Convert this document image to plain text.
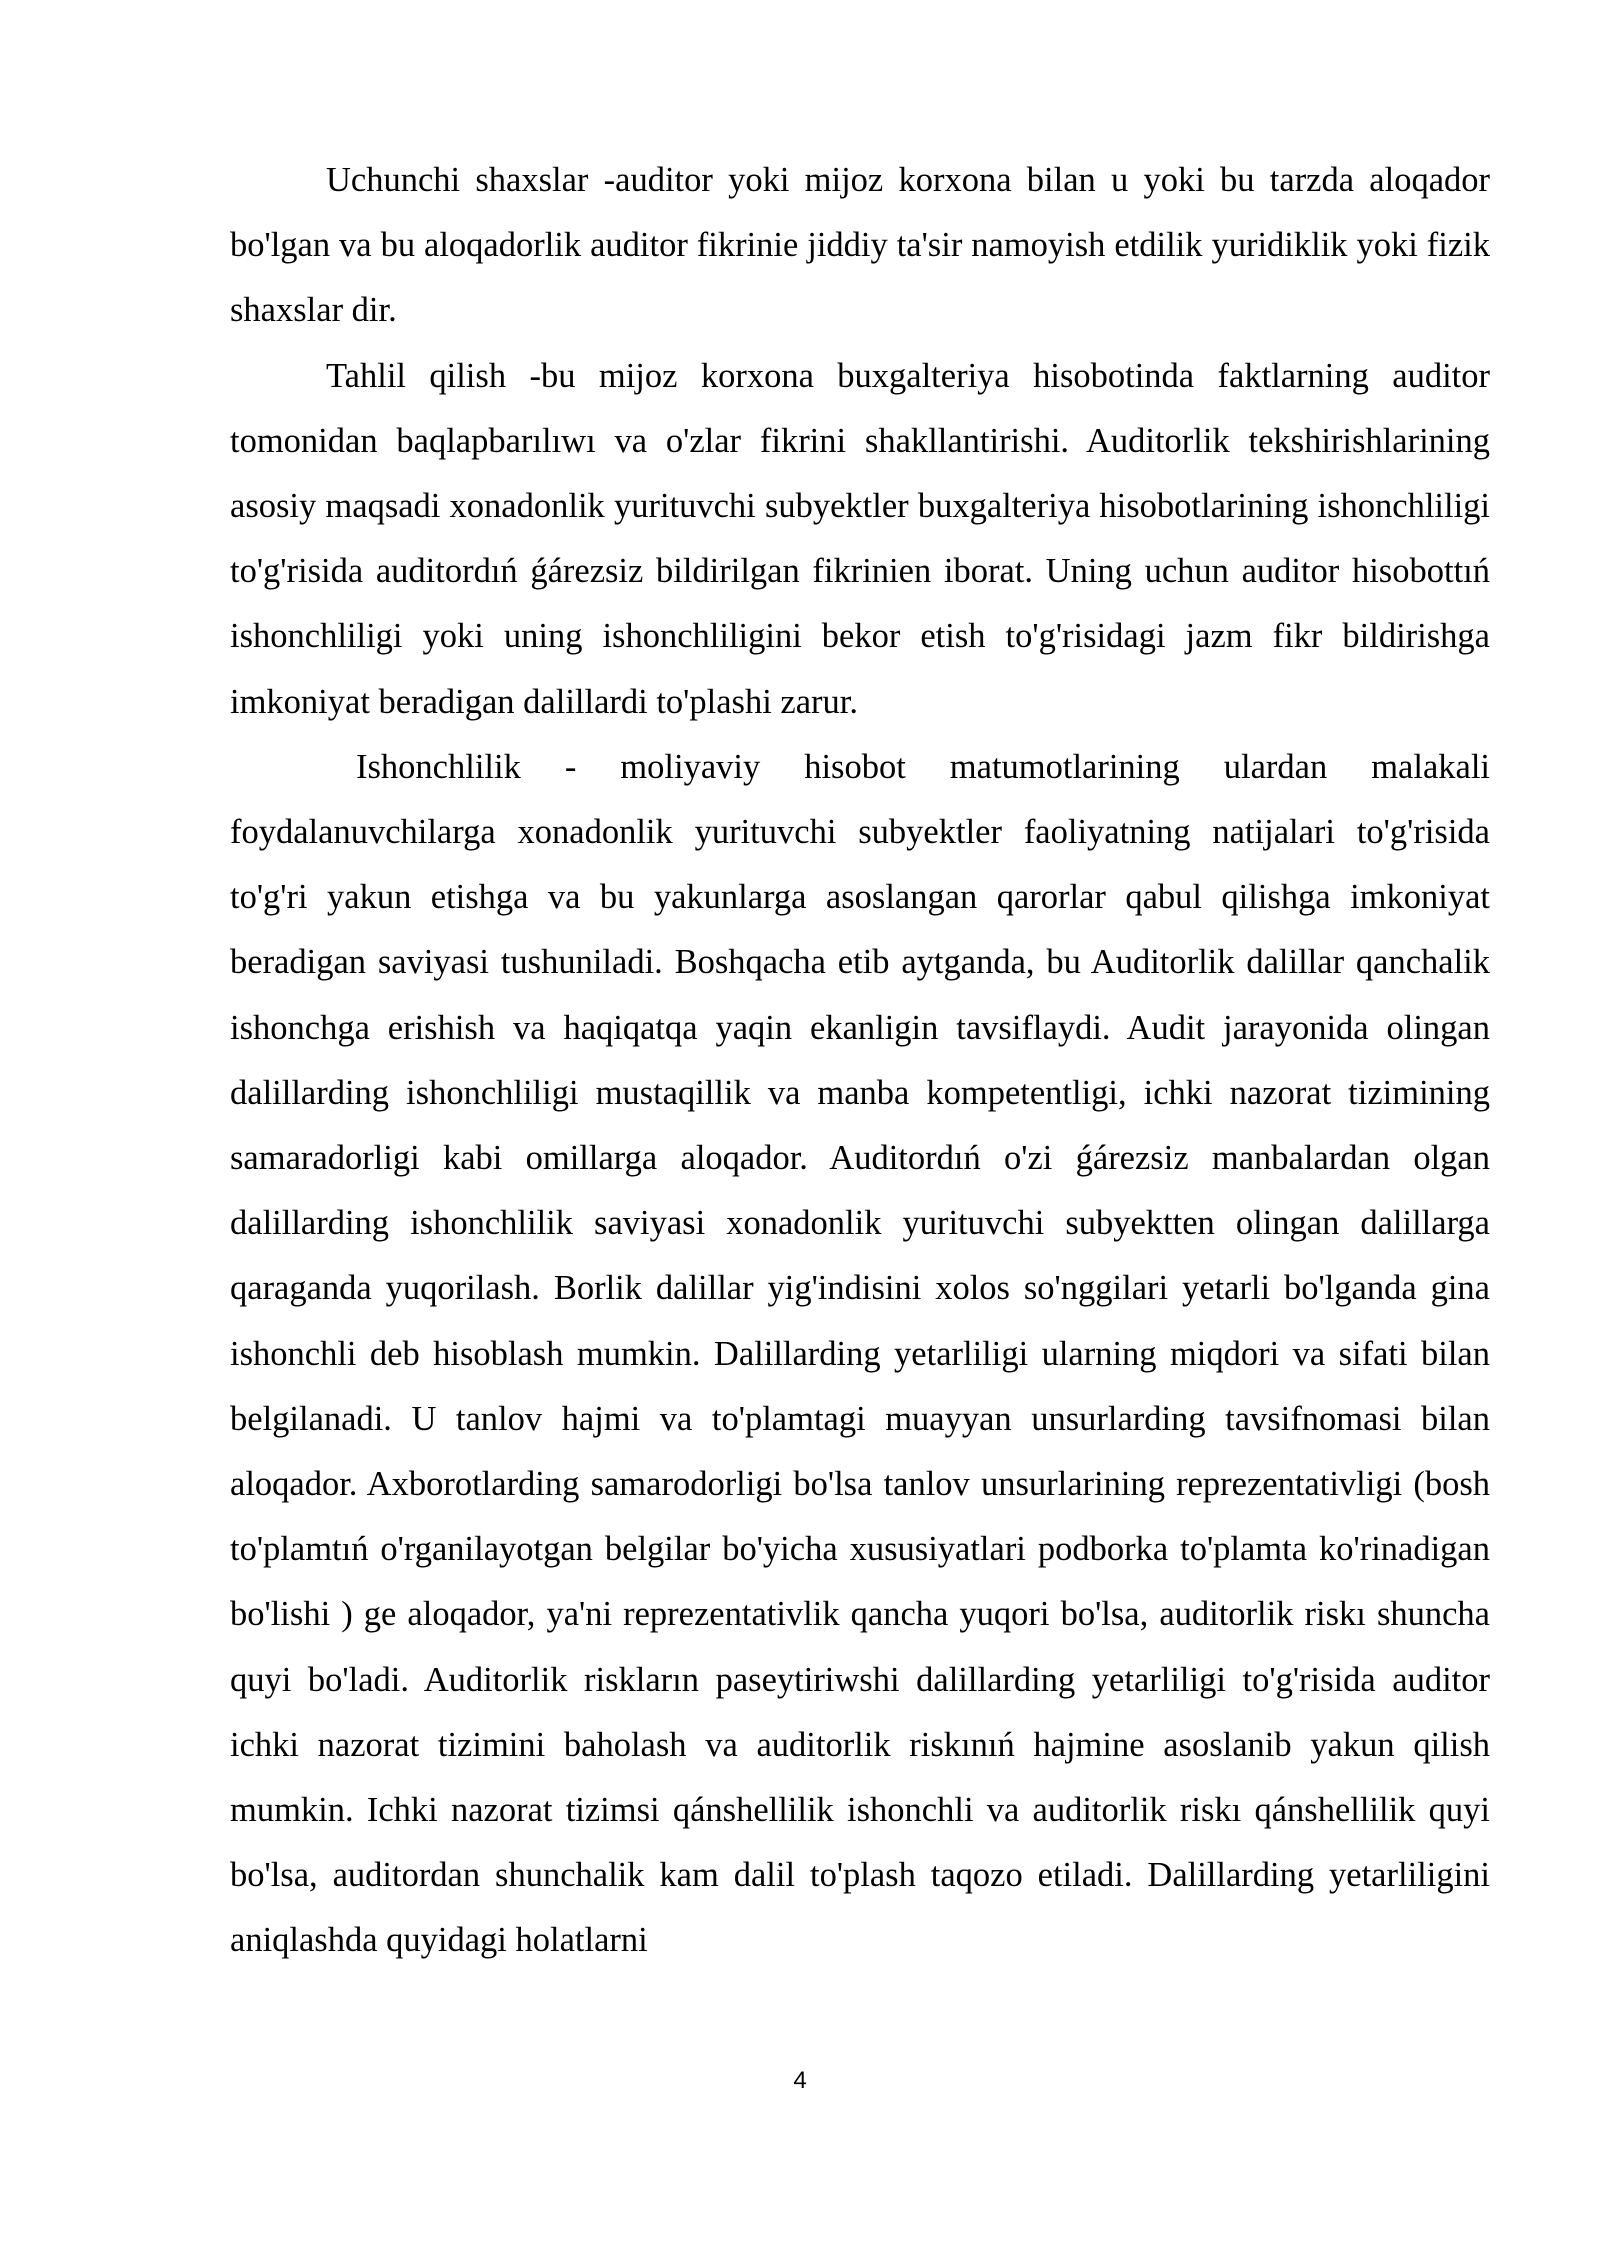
Uchunchi shaxslar -auditor yoki mijoz korxona bilan u yoki bu tarzda aloqador bo'lgan va bu aloqadorlik auditor fikrinie jiddiy ta'sir namoyish etdilik yuridiklik yoki fizik shaxslar dir.

Tahlil qilish -bu mijoz korxona buxgalteriya hisobotinda faktlarning auditor tomonidan baqlapbarılıwı va o'zlar fikrini shakllantirishi. Auditorlik tekshirishlarining asosiy maqsadi xonadonlik yurituvchi subyektler buxgalteriya hisobotlarining ishonchliligi to'g'risida auditordıń ǵárezsiz bildirilgan fikrinien iborat. Uning uchun auditor hisobottıń ishonchliligi yoki uning ishonchliligini bekor etish to'g'risidagi jazm fikr bildirishga imkoniyat beradigan dalillardi to'plashi zarur.

Ishonchlilik - moliyaviy hisobot matumotlarining ulardan malakali foydalanuvchilarga xonadonlik yurituvchi subyektler faoliyatning natijalari to'g'risida to'g'ri yakun etishga va bu yakunlarga asoslangan qarorlar qabul qilishga imkoniyat beradigan saviyasi tushuniladi. Boshqacha etib aytganda, bu Auditorlik dalillar qanchalik ishonchga erishish va haqiqatqa yaqin ekanligin tavsiflaydi. Audit jarayonida olingan dalillarding ishonchliligi mustaqillik va manba kompetentligi, ichki nazorat tizimining samaradorligi kabi omillarga aloqador. Auditordıń o'zi ǵárezsiz manbalardan olgan dalillarding ishonchlilik saviyasi xonadonlik yurituvchi subyektten olingan dalillarga qaraganda yuqorilash. Borlik dalillar yig'indisini xolos so'nggilari yetarli bo'lganda gina ishonchli deb hisoblash mumkin. Dalillarding yetarliligi ularning miqdori va sifati bilan belgilanadi. U tanlov hajmi va to'plamtagi muayyan unsurlarding tavsifnomasi bilan aloqador. Axborotlarding samarodorligi bo'lsa tanlov unsurlarining reprezentativligi (bosh to'plamtıń o'rganilayotgan belgilar bo'yicha xususiyatlari podborka to'plamta ko'rinadigan bo'lishi ) ge aloqador, ya'ni reprezentativlik qancha yuqori bo'lsa, auditorlik riskı shuncha quyi bo'ladi. Auditorlik riskların paseytiriwshi dalillarding yetarliligi to'g'risida auditor ichki nazorat tizimini baholash va auditorlik riskınıń hajmine asoslanib yakun qilish mumkin. Ichki nazorat tizimsi qánshellilik ishonchli va auditorlik riskı qánshellilik quyi bo'lsa, auditordan shunchalik kam dalil to'plash taqozo etiladi. Dalillarding yetarliligini aniqlashda quyidagi holatlarni

4
